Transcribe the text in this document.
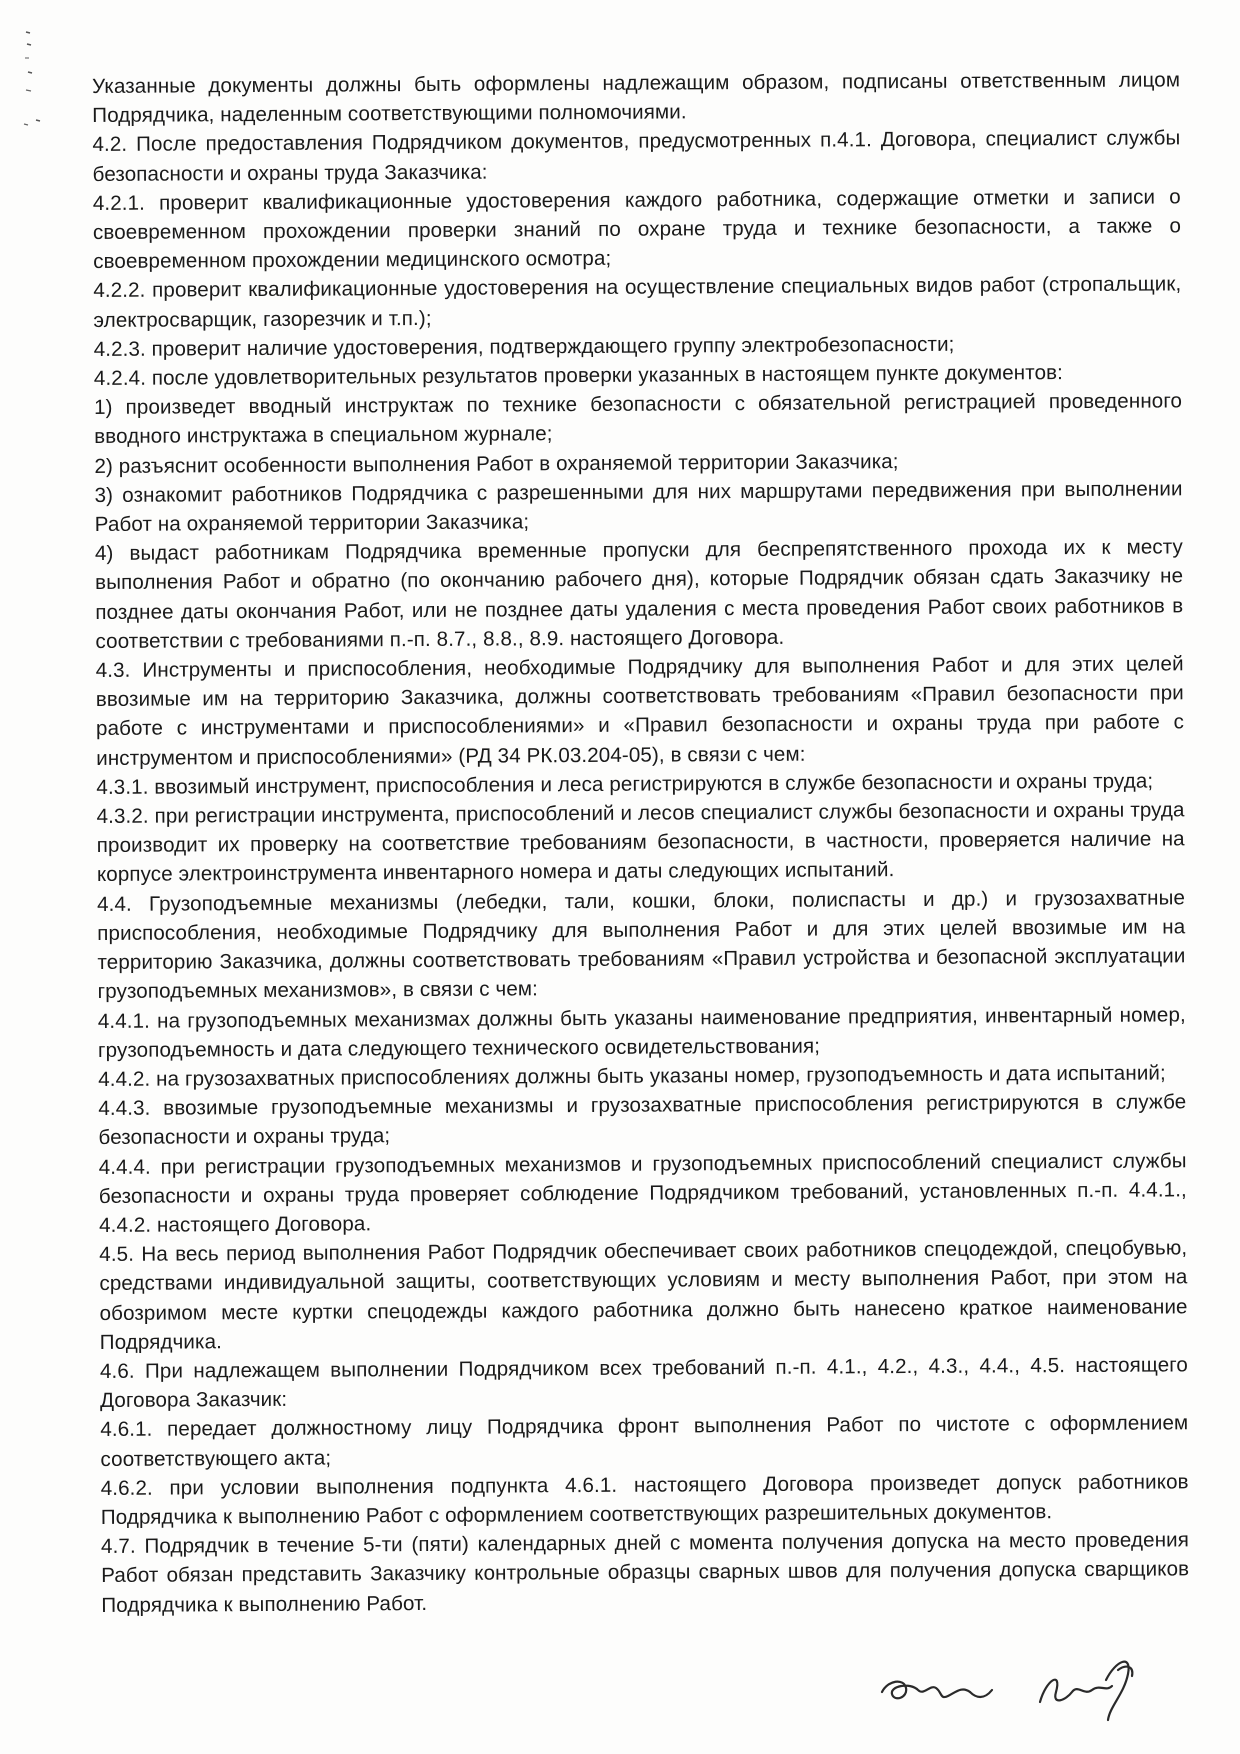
Указанные документы должны быть оформлены надлежащим образом, подписаны ответственным лицом Подрядчика, наделенным соответствующими полномочиями.

4.2. После предоставления Подрядчиком документов, предусмотренных п.4.1. Договора, специалист службы безопасности и охраны труда Заказчика:

4.2.1. проверит квалификационные удостоверения каждого работника, содержащие отметки и записи о своевременном прохождении проверки знаний по охране труда и технике безопасности, а также о своевременном прохождении медицинского осмотра;

4.2.2. проверит квалификационные удостоверения на осуществление специальных видов работ (стропальщик, электросварщик, газорезчик и т.п.);

4.2.3. проверит наличие удостоверения, подтверждающего группу электробезопасности;

4.2.4. после удовлетворительных результатов проверки указанных в настоящем пункте документов:

1) произведет вводный инструктаж по технике безопасности с обязательной регистрацией проведенного вводного инструктажа в специальном журнале;

2) разъяснит особенности выполнения Работ в охраняемой территории Заказчика;

3) ознакомит работников Подрядчика с разрешенными для них маршрутами передвижения при выполнении Работ на охраняемой территории Заказчика;

4) выдаст работникам Подрядчика временные пропуски для беспрепятственного прохода их к месту выполнения Работ и обратно (по окончанию рабочего дня), которые Подрядчик обязан сдать Заказчику не позднее даты окончания Работ, или не позднее даты удаления с места проведения Работ своих работников в соответствии с требованиями п.-п. 8.7., 8.8., 8.9. настоящего Договора.

4.3. Инструменты и приспособления, необходимые Подрядчику для выполнения Работ и для этих целей ввозимые им на территорию Заказчика, должны соответствовать требованиям «Правил безопасности при работе с инструментами и приспособлениями» и «Правил безопасности и охраны труда при работе с инструментом и приспособлениями» (РД 34 РК.03.204-05), в связи с чем:

4.3.1. ввозимый инструмент, приспособления и леса регистрируются в службе безопасности и охраны труда;

4.3.2. при регистрации инструмента, приспособлений и лесов специалист службы безопасности и охраны труда производит их проверку на соответствие требованиям безопасности, в частности, проверяется наличие на корпусе электроинструмента инвентарного номера и даты следующих испытаний.

4.4. Грузоподъемные механизмы (лебедки, тали, кошки, блоки, полиспасты и др.) и грузозахватные приспособления, необходимые Подрядчику для выполнения Работ и для этих целей ввозимые им на территорию Заказчика, должны соответствовать требованиям «Правил устройства и безопасной эксплуатации грузоподъемных механизмов», в связи с чем:

4.4.1. на грузоподъемных механизмах должны быть указаны наименование предприятия, инвентарный номер, грузоподъемность и дата следующего технического освидетельствования;

4.4.2. на грузозахватных приспособлениях должны быть указаны номер, грузоподъемность и дата испытаний;

4.4.3. ввозимые грузоподъемные механизмы и грузозахватные приспособления регистрируются в службе безопасности и охраны труда;

4.4.4. при регистрации грузоподъемных механизмов и грузоподъемных приспособлений специалист службы безопасности и охраны труда проверяет соблюдение Подрядчиком требований, установленных п.-п. 4.4.1., 4.4.2. настоящего Договора.

4.5. На весь период выполнения Работ Подрядчик обеспечивает своих работников спецодеждой, спецобувью, средствами индивидуальной защиты, соответствующих условиям и месту выполнения Работ, при этом на обозримом месте куртки спецодежды каждого работника должно быть нанесено краткое наименование Подрядчика.

4.6. При надлежащем выполнении Подрядчиком всех требований п.-п. 4.1., 4.2., 4.3., 4.4., 4.5. настоящего Договора Заказчик:

4.6.1. передает должностному лицу Подрядчика фронт выполнения Работ по чистоте с оформлением соответствующего акта;

4.6.2. при условии выполнения подпункта 4.6.1. настоящего Договора произведет допуск работников Подрядчика к выполнению Работ с оформлением соответствующих разрешительных документов.

4.7. Подрядчик в течение 5-ти (пяти) календарных дней с момента получения допуска на место проведения Работ обязан представить Заказчику контрольные образцы сварных швов для получения допуска сварщиков Подрядчика к выполнению Работ.
